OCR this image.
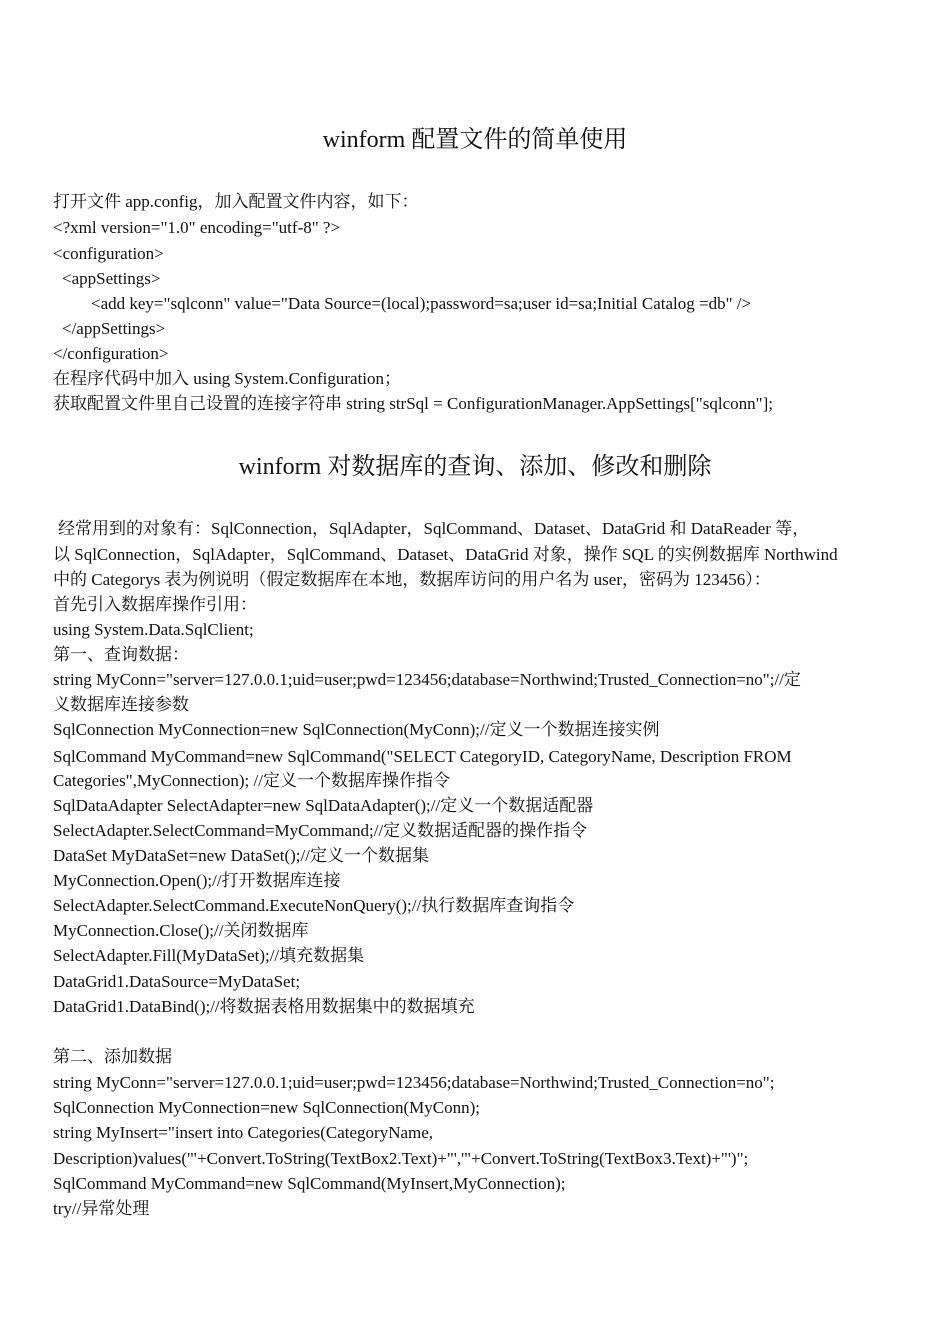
winform 配置文件的简单使用
打开文件 app.config，加入配置文件内容，如下：
<?xml version="1.0" encoding="utf-8" ?>
<configuration>
<appSettings>
<add key="sqlconn" value="Data Source=(local);password=sa;user id=sa;Initial Catalog =db" />
</appSettings>
</configuration>
在程序代码中加入 using System.Configuration；
获取配置文件里自己设置的连接字符串 string strSql = ConfigurationManager.AppSettings["sqlconn"];
winform 对数据库的查询、添加、修改和删除
经常用到的对象有：SqlConnection，SqlAdapter，SqlCommand、Dataset、DataGrid 和 DataReader 等，
以 SqlConnection，SqlAdapter，SqlCommand、Dataset、DataGrid 对象，操作 SQL 的实例数据库 Northwind
中的 Categorys 表为例说明（假定数据库在本地，数据库访问的用户名为 user，密码为 123456）：
首先引入数据库操作引用：
using System.Data.SqlClient;
第一、查询数据：
string MyConn="server=127.0.0.1;uid=user;pwd=123456;database=Northwind;Trusted_Connection=no";//定
义数据库连接参数
SqlConnection MyConnection=new SqlConnection(MyConn);//定义一个数据连接实例
SqlCommand MyCommand=new SqlCommand("SELECT CategoryID, CategoryName, Description FROM
Categories",MyConnection); //定义一个数据库操作指令
SqlDataAdapter SelectAdapter=new SqlDataAdapter();//定义一个数据适配器
SelectAdapter.SelectCommand=MyCommand;//定义数据适配器的操作指令
DataSet MyDataSet=new DataSet();//定义一个数据集
MyConnection.Open();//打开数据库连接
SelectAdapter.SelectCommand.ExecuteNonQuery();//执行数据库查询指令
MyConnection.Close();//关闭数据库
SelectAdapter.Fill(MyDataSet);//填充数据集
DataGrid1.DataSource=MyDataSet;
DataGrid1.DataBind();//将数据表格用数据集中的数据填充
第二、添加数据
string MyConn="server=127.0.0.1;uid=user;pwd=123456;database=Northwind;Trusted_Connection=no";
SqlConnection MyConnection=new SqlConnection(MyConn);
string MyInsert="insert into Categories(CategoryName,
Description)values('"+Convert.ToString(TextBox2.Text)+"','"+Convert.ToString(TextBox3.Text)+"')";
SqlCommand MyCommand=new SqlCommand(MyInsert,MyConnection);
try//异常处理
